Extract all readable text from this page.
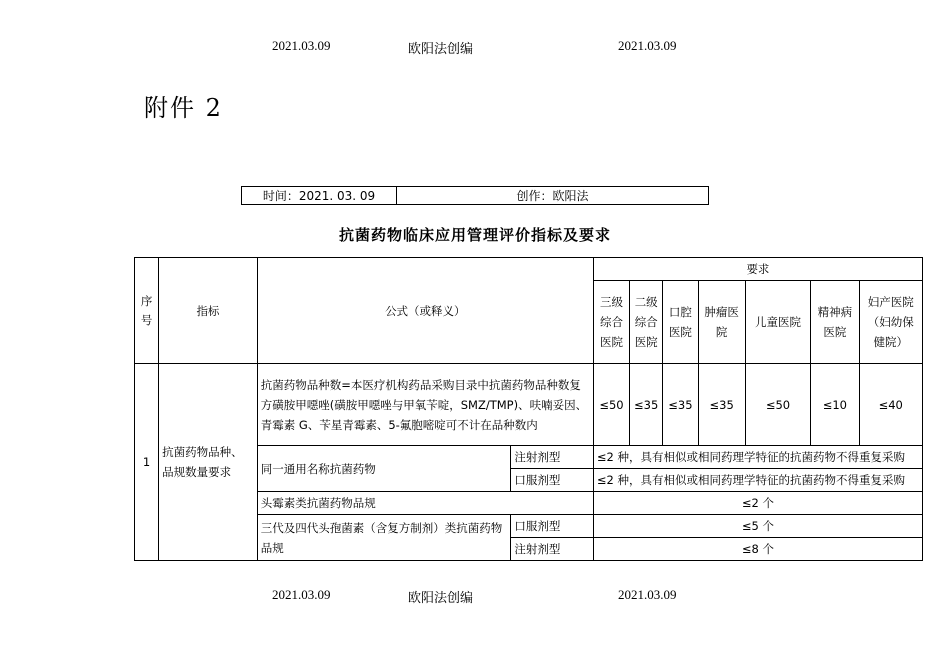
2021.03.09	欧阳法创编	2021.03.09
附件 2
时间：2021. 03. 09	创作：欧阳法
抗菌药物临床应用管理评价指标及要求
序号	指标	公式（或释义）		要求						
				三级综合医院	二级综合医院	口腔医院	肿瘤医院	儿童医院	精神病医院	妇产医院（妇幼保健院）
1	抗菌药物品种、品规数量要求	抗菌药物品种数=本医疗机构药品采购目录中抗菌药物品种数复方磺胺甲噁唑(磺胺甲噁唑与甲氧苄啶，SMZ/TMP)、呋喃妥因、青霉素 G、苄星青霉素、5-氟胞嘧啶可不计在品种数内		≤50	≤35	≤35	≤35	≤50	≤10	≤40
		同一通用名称抗菌药物	注射剂型	≤2 种，具有相似或相同药理学特征的抗菌药物不得重复采购						
			口服剂型	≤2 种，具有相似或相同药理学特征的抗菌药物不得重复采购						
		头霉素类抗菌药物品规		≤2 个						
		三代及四代头孢菌素（含复方制剂）类抗菌药物品规	口服剂型	≤5 个						
			注射剂型	≤8 个						
2021.03.09	欧阳法创编	2021.03.09
